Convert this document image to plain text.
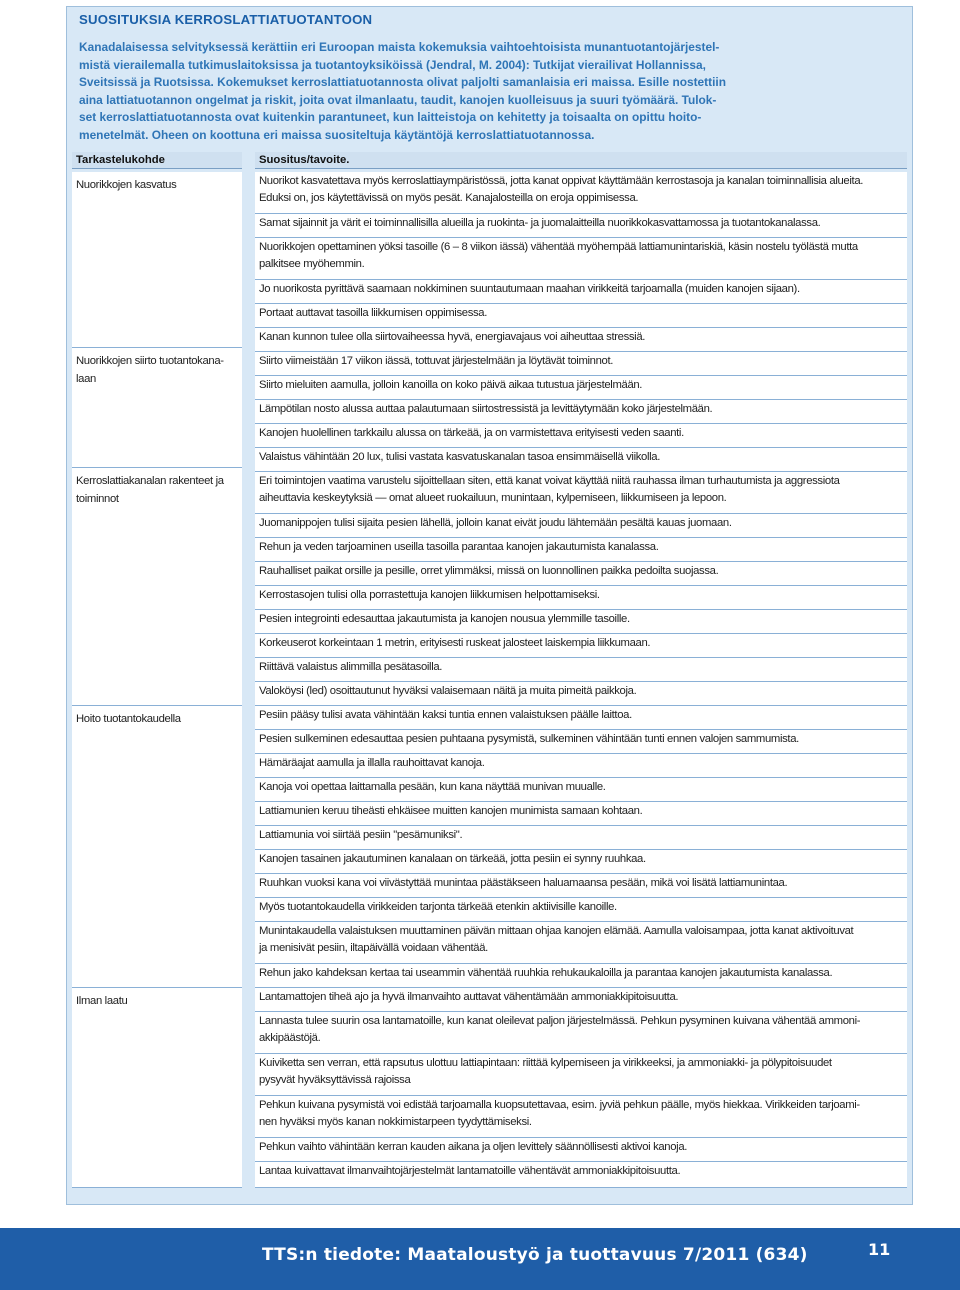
SUOSITUKSIA KERROSLATTIATUOTANTOON
Kanadalaisessa selvityksessä kerättiin eri Euroopan maista kokemuksia vaihtoehtoisista munantuotantojärjestel-
mistä vierailemalla tutkimuslaitoksissa ja tuotantoyksiköissä (Jendral, M. 2004): Tutkijat vierailivat Hollannissa,
Sveitsissä ja Ruotsissa. Kokemukset kerroslattiatuotannosta olivat paljolti samanlaisia eri maissa. Esille nostettiin
aina lattiatuotannon ongelmat ja riskit, joita ovat ilmanlaatu, taudit, kanojen kuolleisuus ja suuri työmäärä. Tulok-
set kerroslattiatuotannosta ovat kuitenkin parantuneet, kun laitteistoja on kehitetty ja toisaalta on opittu hoito-
menetelmät. Oheen on koottuna eri maissa suositeltuja käytäntöjä kerroslattiatuotannossa.
Tarkastelukohde	Suositus/tavoite.
Nuorikkojen kasvatus
Nuorikkojen siirto tuotantokana-
laan
Kerroslattiakanalan rakenteet ja
toiminnot
Hoito tuotantokaudella
Ilman laatu
Nuorikot kasvatettava myös kerroslattiaympäristössä, jotta kanat oppivat käyttämään kerrostasoja ja kanalan toiminnallisia alueita.
Eduksi on, jos käytettävissä on myös pesät. Kanajalosteilla on eroja oppimisessa.
Samat sijainnit ja värit ei toiminnallisilla alueilla ja ruokinta- ja juomalaitteilla nuorikkokasvattamossa ja tuotantokanalassa.
Nuorikkojen opettaminen yöksi tasoille (6 – 8 viikon iässä) vähentää myöhempää lattiamunintariskiä, käsin nostelu työlästä mutta
palkitsee myöhemmin.
Jo nuorikosta pyrittävä saamaan nokkiminen suuntautumaan maahan virikkeitä tarjoamalla (muiden kanojen sijaan).
Portaat auttavat tasoilla liikkumisen oppimisessa.
Kanan kunnon tulee olla siirtovaiheessa hyvä, energiavajaus voi aiheuttaa stressiä.
Siirto viimeistään 17 viikon iässä, tottuvat järjestelmään ja löytävät toiminnot.
Siirto mieluiten aamulla, jolloin kanoilla on koko päivä aikaa tutustua järjestelmään.
Lämpötilan nosto alussa auttaa palautumaan siirtostressistä ja levittäytymään koko järjestelmään.
Kanojen huolellinen tarkkailu alussa on tärkeää, ja on varmistettava erityisesti veden saanti.
Valaistus vähintään 20 lux, tulisi vastata kasvatuskanalan tasoa ensimmäisellä viikolla.
Eri toimintojen vaatima varustelu sijoittellaan siten, että kanat voivat käyttää niitä rauhassa ilman turhautumista ja aggressiota
aiheuttavia keskeytyksiä — omat alueet ruokailuun, munintaan, kylpemiseen, liikkumiseen ja lepoon.
Juomanippojen tulisi sijaita pesien lähellä, jolloin kanat eivät joudu lähtemään pesältä kauas juomaan.
Rehun ja veden tarjoaminen useilla tasoilla parantaa kanojen jakautumista kanalassa.
Rauhalliset paikat orsille ja pesille, orret ylimmäksi, missä on luonnollinen paikka pedoilta suojassa.
Kerrostasojen tulisi olla porrastettuja kanojen liikkumisen helpottamiseksi.
Pesien integrointi edesauttaa jakautumista ja kanojen nousua ylemmille tasoille.
Korkeuserot korkeintaan 1 metrin, erityisesti ruskeat jalosteet laiskempia liikkumaan.
Riittävä valaistus alimmilla pesätasoilla.
Valoköysi (led) osoittautunut hyväksi valaisemaan näitä ja muita pimeitä paikkoja.
Pesiin pääsy tulisi avata vähintään kaksi tuntia ennen valaistuksen päälle laittoa.
Pesien sulkeminen edesauttaa pesien puhtaana pysymistä, sulkeminen vähintään tunti ennen valojen sammumista.
Hämäräajat aamulla ja illalla rauhoittavat kanoja.
Kanoja voi opettaa laittamalla pesään, kun kana näyttää munivan muualle.
Lattiamunien keruu tiheästi ehkäisee muitten kanojen munimista samaan kohtaan.
Lattiamunia voi siirtää pesiin "pesämuniksi".
Kanojen tasainen jakautuminen kanalaan on tärkeää, jotta pesiin ei synny ruuhkaa.
Ruuhkan vuoksi kana voi viivästyttää munintaa päästäkseen haluamaansa pesään, mikä voi lisätä lattiamunintaa.
Myös tuotantokaudella virikkeiden tarjonta tärkeää etenkin aktiivisille kanoille.
Munintakaudella valaistuksen muuttaminen päivän mittaan ohjaa kanojen elämää. Aamulla valoisampaa, jotta kanat aktivoituvat
ja menisivät pesiin, iltapäivällä voidaan vähentää.
Rehun jako kahdeksan kertaa tai useammin vähentää ruuhkia rehukaukaloilla ja parantaa kanojen jakautumista kanalassa.
Lantamattojen tiheä ajo ja hyvä ilmanvaihto auttavat vähentämään ammoniakkipitoisuutta.
Lannasta tulee suurin osa lantamatoille, kun kanat oleilevat paljon järjestelmässä. Pehkun pysyminen kuivana vähentää ammoni-
akkipäästöjä.
Kuiviketta sen verran, että rapsutus ulottuu lattiapintaan: riittää kylpemiseen ja virikkeeksi, ja ammoniakki- ja pölypitoisuudet
pysyvät hyväksyttävissä rajoissa
Pehkun kuivana pysymistä voi edistää tarjoamalla kuopsutettavaa, esim. jyviä pehkun päälle, myös hiekkaa. Virikkeiden tarjoami-
nen hyväksi myös kanan nokkimistarpeen tyydyttämiseksi.
Pehkun vaihto vähintään kerran kauden aikana ja oljen levittely säännöllisesti aktivoi kanoja.
Lantaa kuivattavat ilmanvaihtojärjestelmät lantamatoille vähentävät ammoniakkipitoisuutta.
TTS:n tiedote: Maataloustyö ja tuottavuus 7/2011 (634)	11
